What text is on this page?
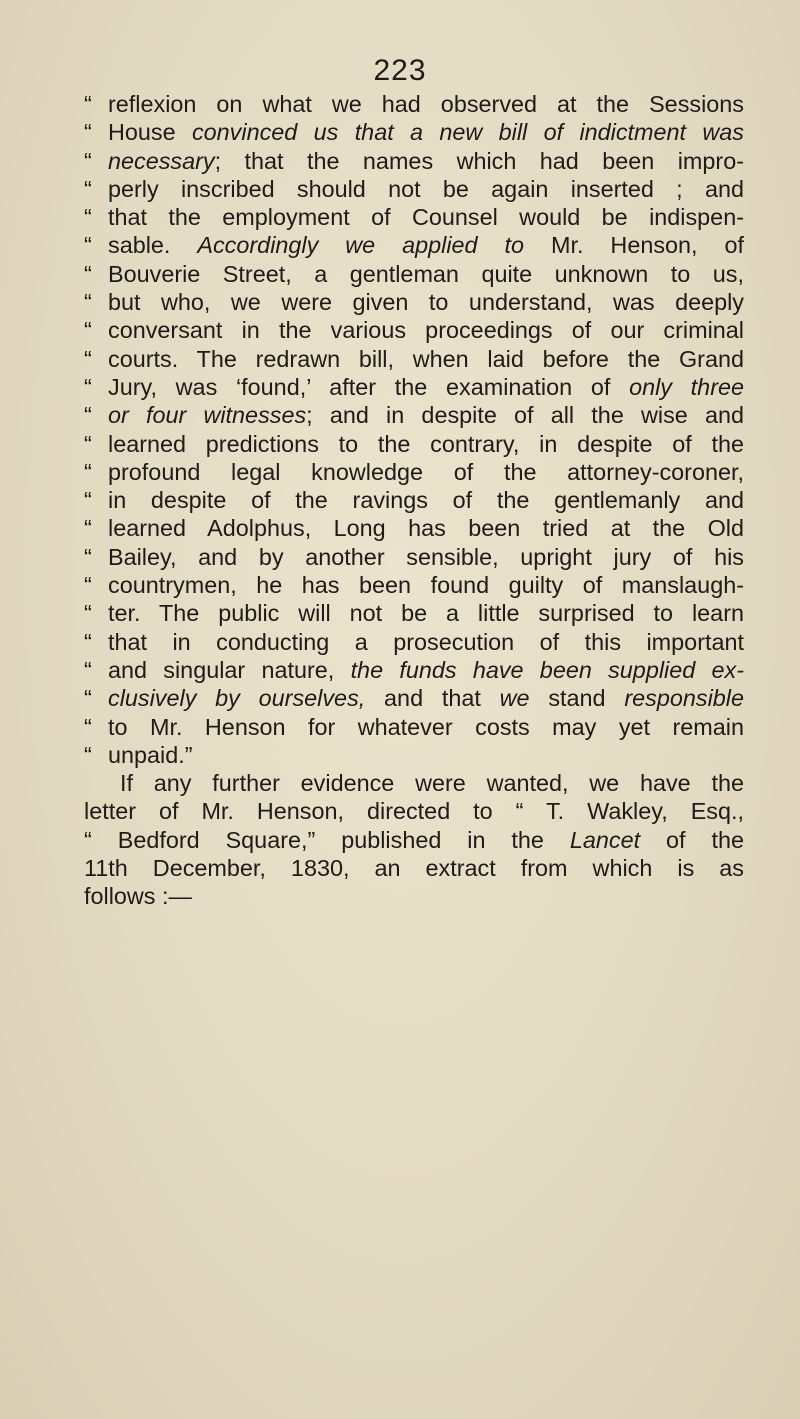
223
“ reflexion on what we had observed at the Sessions
“ House convinced us that a new bill of indictment was
“ necessary; that the names which had been impro-
“ perly inscribed should not be again inserted ; and
“ that the employment of Counsel would be indispen-
“ sable. Accordingly we applied to Mr. Henson, of
“ Bouverie Street, a gentleman quite unknown to us,
“ but who, we were given to understand, was deeply
“ conversant in the various proceedings of our criminal
“ courts. The redrawn bill, when laid before the Grand
“ Jury, was ‘found,’ after the examination of only three
“ or four witnesses; and in despite of all the wise and
“ learned predictions to the contrary, in despite of the
“ profound legal knowledge of the attorney-coroner,
“ in despite of the ravings of the gentlemanly and
“ learned Adolphus, Long has been tried at the Old
“ Bailey, and by another sensible, upright jury of his
“ countrymen, he has been found guilty of manslaugh-
“ ter. The public will not be a little surprised to learn
“ that in conducting a prosecution of this important
“ and singular nature, the funds have been supplied ex-
“ clusively by ourselves, and that we stand responsible
“ to Mr. Henson for whatever costs may yet remain
“ unpaid.”
If any further evidence were wanted, we have the
letter of Mr. Henson, directed to “ T. Wakley, Esq.,
“ Bedford Square,” published in the Lancet of the
11th December, 1830, an extract from which is as
follows :—
